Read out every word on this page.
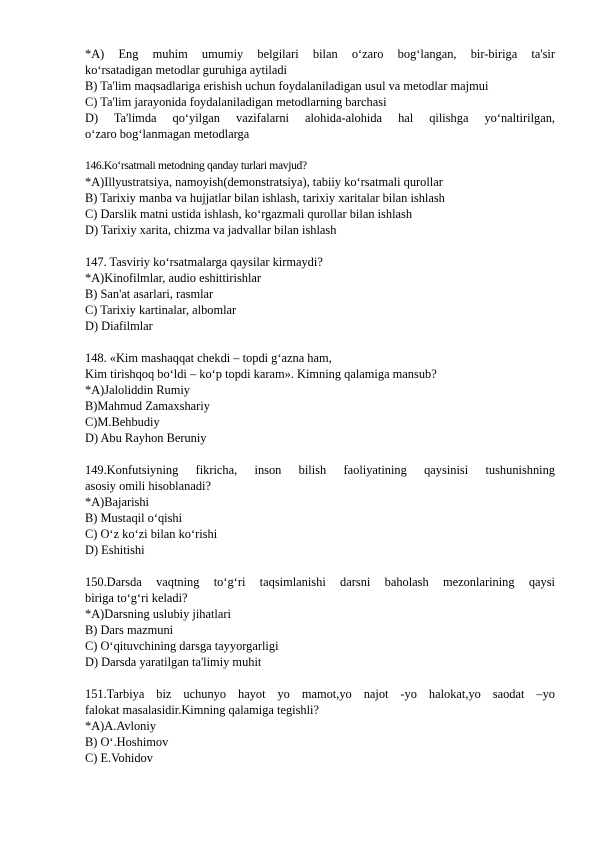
*A) Eng muhim umumiy belgilari bilan o‘zaro bog‘langan, bir-biriga ta'sir
ko‘rsatadigan metodlar guruhiga aytiladi
B) Ta'lim maqsadlariga erishish uchun foydalaniladigan usul va metodlar majmui
C) Ta'lim jarayonida foydalaniladigan metodlarning barchasi
D) Ta'limda qo‘yilgan vazifalarni alohida-alohida hal qilishga yo‘naltirilgan,
o‘zaro bog‘lanmagan metodlarga
146.Ko‘rsatmali metodning qanday turlari mavjud?
*A)Illyustratsiya, namoyish(demonstratsiya), tabiiy ko‘rsatmali qurollar
B) Tarixiy manba va hujjatlar bilan ishlash, tarixiy xaritalar bilan ishlash
C) Darslik matni ustida ishlash, ko‘rgazmali qurollar bilan ishlash
D) Tarixiy xarita, chizma va jadvallar bilan ishlash
147. Tasviriy ko‘rsatmalarga qaysilar kirmaydi?
*A)Kinofilmlar, audio eshittirishlar
B) San'at asarlari, rasmlar
C) Tarixiy kartinalar, albomlar
D) Diafilmlar
148. «Kim mashaqqat chekdi – topdi g‘azna ham,
Kim tirishqoq bo‘ldi – ko‘p topdi karam». Kimning qalamiga mansub?
*A)Jaloliddin Rumiy
B)Mahmud Zamaxshariy
C)M.Behbudiy
D) Abu Rayhon Beruniy
149.Konfutsiyning fikricha, inson bilish faoliyatining qaysinisi tushunishning
asosiy omili hisoblanadi?
*A)Bajarishi
B) Mustaqil o‘qishi
C) O‘z ko‘zi bilan ko‘rishi
D) Eshitishi
150.Darsda vaqtning to‘g‘ri taqsimlanishi darsni baholash mezonlarining qaysi
biriga to‘g‘ri keladi?
*A)Darsning uslubiy jihatlari
B) Dars mazmuni
C) O‘qituvchining darsga tayyorgarligi
D) Darsda yaratilgan ta'limiy muhit
151.Tarbiya biz uchunyo hayot yo mamot,yo najot -yo halokat,yo saodat –yo
falokat masalasidir.Kimning qalamiga tegishli?
*A)A.Avloniy
B) O‘.Hoshimov
C) E.Vohidov
